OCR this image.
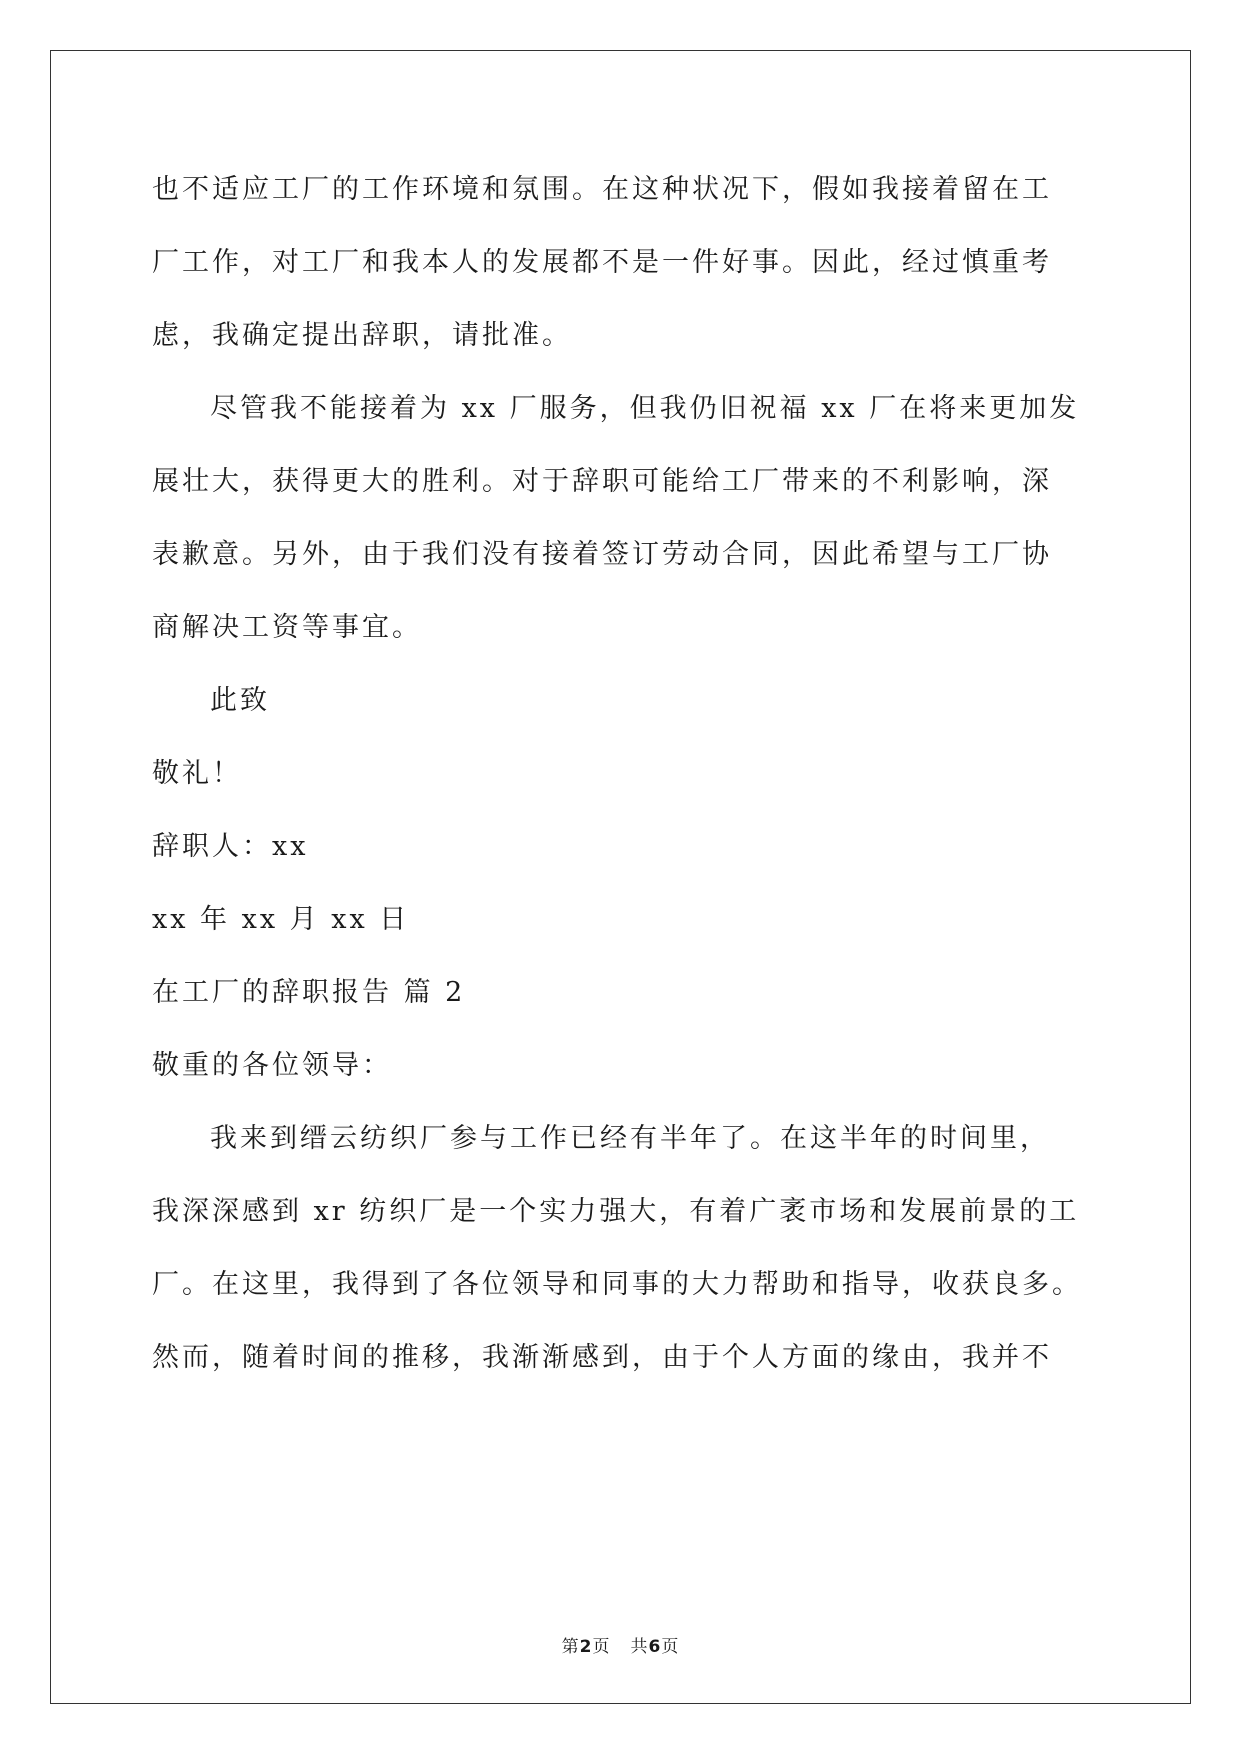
也不适应工厂的工作环境和氛围。在这种状况下，假如我接着留在工
厂工作，对工厂和我本人的发展都不是一件好事。因此，经过慎重考
虑，我确定提出辞职，请批准。
尽管我不能接着为 xx 厂服务，但我仍旧祝福 xx 厂在将来更加发
展壮大，获得更大的胜利。对于辞职可能给工厂带来的不利影响，深
表歉意。另外，由于我们没有接着签订劳动合同，因此希望与工厂协
商解决工资等事宜。
此致
敬礼！
辞职人：xx
xx 年 xx 月 xx 日
在工厂的辞职报告 篇 2
敬重的各位领导：
我来到缙云纺织厂参与工作已经有半年了。在这半年的时间里，
我深深感到 xr 纺织厂是一个实力强大，有着广袤市场和发展前景的工
厂。在这里，我得到了各位领导和同事的大力帮助和指导，收获良多。
然而，随着时间的推移，我渐渐感到，由于个人方面的缘由，我并不
第2页 共6页
